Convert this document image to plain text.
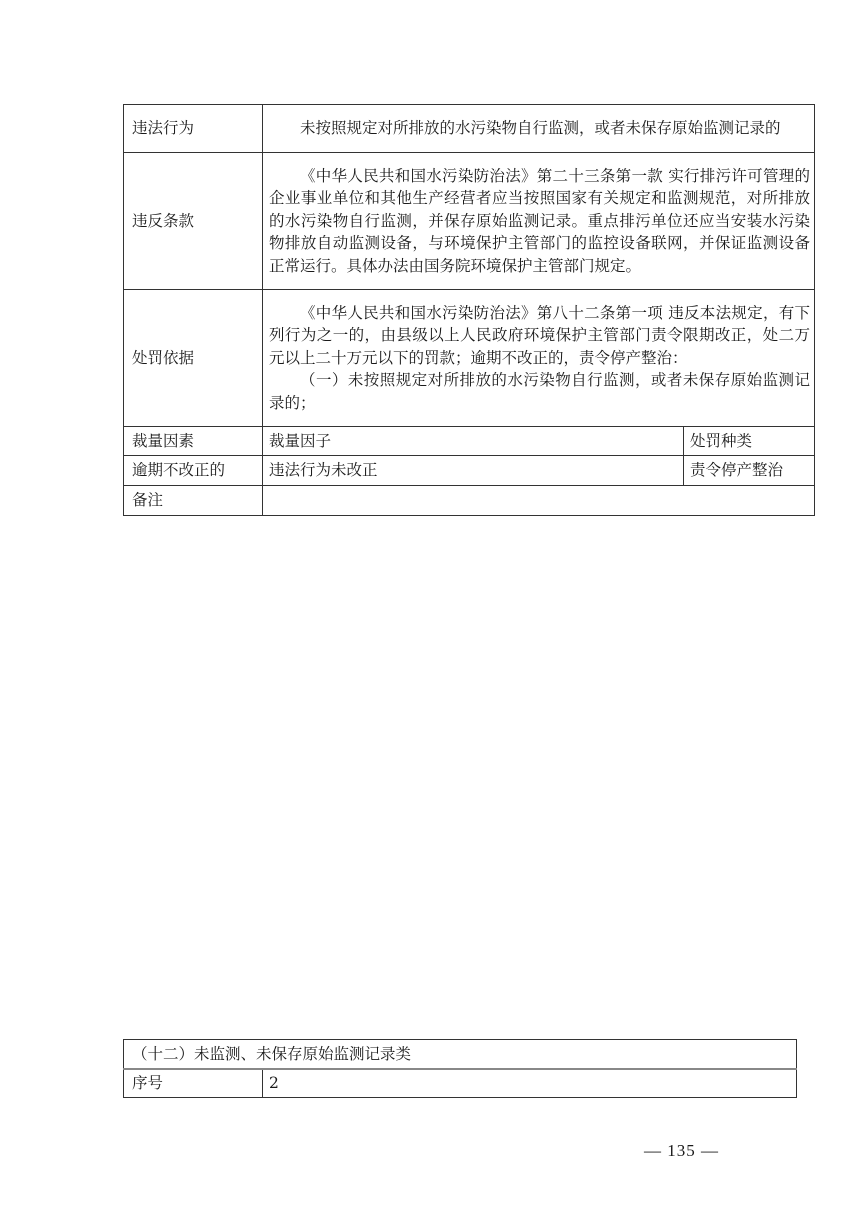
违法行为	未按照规定对所排放的水污染物自行监测，或者未保存原始监测记录的	

违反条款	《中华人民共和国水污染防治法》第二十三条第一款 实行排污许可管理的企业事业单位和其他生产经营者应当按照国家有关规定和监测规范，对所排放的水污染物自行监测，并保存原始监测记录。重点排污单位还应当安装水污染物排放自动监测设备，与环境保护主管部门的监控设备联网，并保证监测设备正常运行。具体办法由国务院环境保护主管部门规定。	

处罚依据	《中华人民共和国水污染防治法》第八十二条第一项 违反本法规定，有下列行为之一的，由县级以上人民政府环境保护主管部门责令限期改正，处二万元以上二十万元以下的罚款；逾期不改正的，责令停产整治：
（一）未按照规定对所排放的水污染物自行监测，或者未保存原始监测记录的；	

裁量因素	裁量因子	处罚种类
逾期不改正的	违法行为未改正	责令停产整治
备注		
（十二）未监测、未保存原始监测记录类
序号	2
— 135 —
